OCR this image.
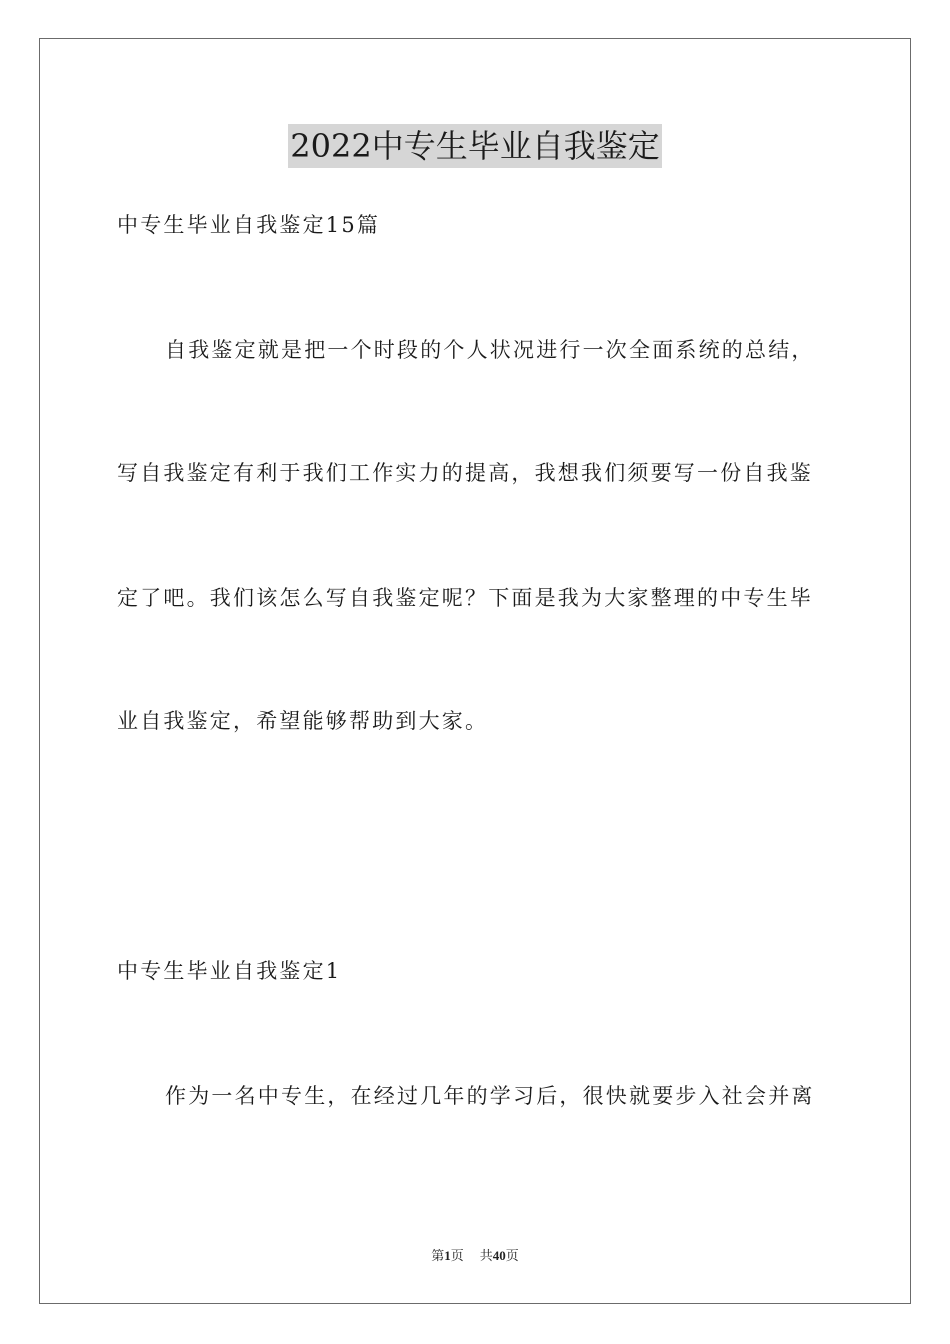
2022中专生毕业自我鉴定

中专生毕业自我鉴定15篇

自我鉴定就是把一个时段的个人状况进行一次全面系统的总结，

写自我鉴定有利于我们工作实力的提高，我想我们须要写一份自我鉴

定了吧。我们该怎么写自我鉴定呢？下面是我为大家整理的中专生毕

业自我鉴定，希望能够帮助到大家。

中专生毕业自我鉴定1

作为一名中专生，在经过几年的学习后，很快就要步入社会并离

第1页 共40页
